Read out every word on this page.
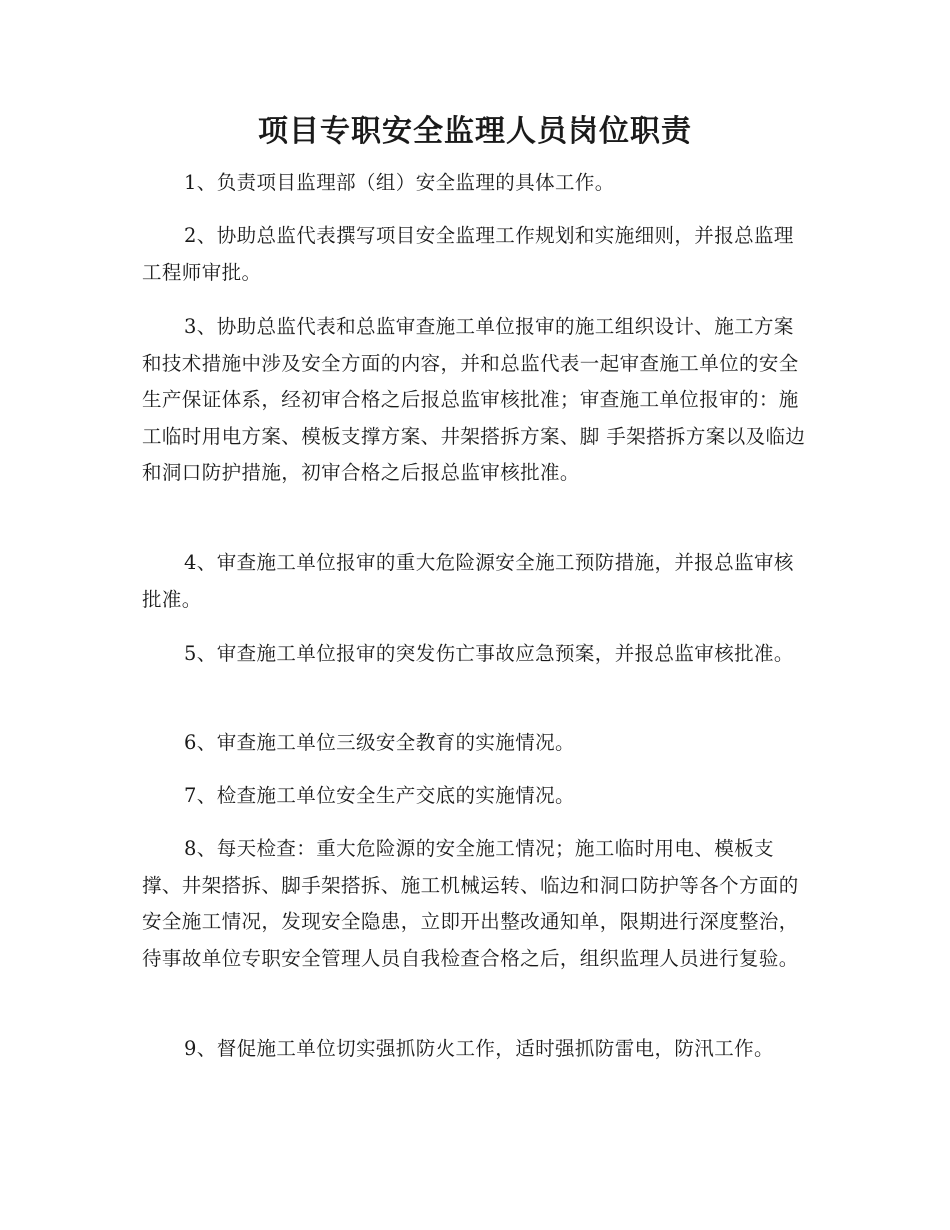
项目专职安全监理人员岗位职责

1、负责项目监理部（组）安全监理的具体工作。

2、协助总监代表撰写项目安全监理工作规划和实施细则，并报总监理工程师审批。

3、协助总监代表和总监审查施工单位报审的施工组织设计、施工方案和技术措施中涉及安全方面的内容，并和总监代表一起审查施工单位的安全生产保证体系，经初审合格之后报总监审核批准；审查施工单位报审的：施工临时用电方案、模板支撑方案、井架搭拆方案、脚 手架搭拆方案以及临边和洞口防护措施，初审合格之后报总监审核批准。

4、审查施工单位报审的重大危险源安全施工预防措施，并报总监审核批准。

5、审查施工单位报审的突发伤亡事故应急预案，并报总监审核批准。

6、审查施工单位三级安全教育的实施情况。

7、检查施工单位安全生产交底的实施情况。

8、每天检查：重大危险源的安全施工情况；施工临时用电、模板支撑、井架搭拆、脚手架搭拆、施工机械运转、临边和洞口防护等各个方面的安全施工情况，发现安全隐患，立即开出整改通知单，限期进行深度整治，待事故单位专职安全管理人员自我检查合格之后，组织监理人员进行复验。

9、督促施工单位切实强抓防火工作，适时强抓防雷电，防汛工作。
